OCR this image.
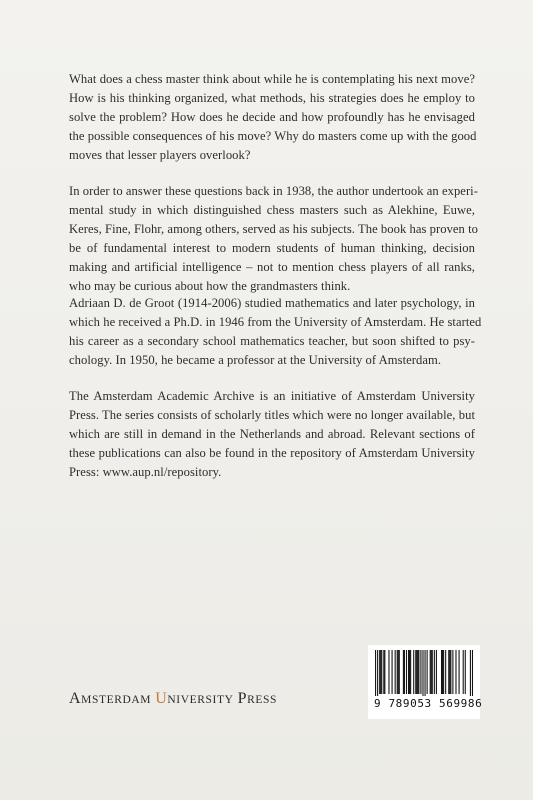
What does a chess master think about while he is contemplating his next move?
How is his thinking organized, what methods, his strategies does he employ to
solve the problem? How does he decide and how profoundly has he envisaged
the possible consequences of his move? Why do masters come up with the good
moves that lesser players overlook?
In order to answer these questions back in 1938, the author undertook an experi-
mental study in which distinguished chess masters such as Alekhine, Euwe,
Keres, Fine, Flohr, among others, served as his subjects. The book has proven to
be of fundamental interest to modern students of human thinking, decision
making and artificial intelligence – not to mention chess players of all ranks,
who may be curious about how the grandmasters think.
Adriaan D. de Groot (1914-2006) studied mathematics and later psychology, in
which he received a Ph.D. in 1946 from the University of Amsterdam. He started
his career as a secondary school mathematics teacher, but soon shifted to psy-
chology. In 1950, he became a professor at the University of Amsterdam.
The Amsterdam Academic Archive is an initiative of Amsterdam University
Press. The series consists of scholarly titles which were no longer available, but
which are still in demand in the Netherlands and abroad. Relevant sections of
these publications can also be found in the repository of Amsterdam University
Press: www.aup.nl/repository.
AMSTERDAM UNIVERSITY PRESS	9 789053 569986
